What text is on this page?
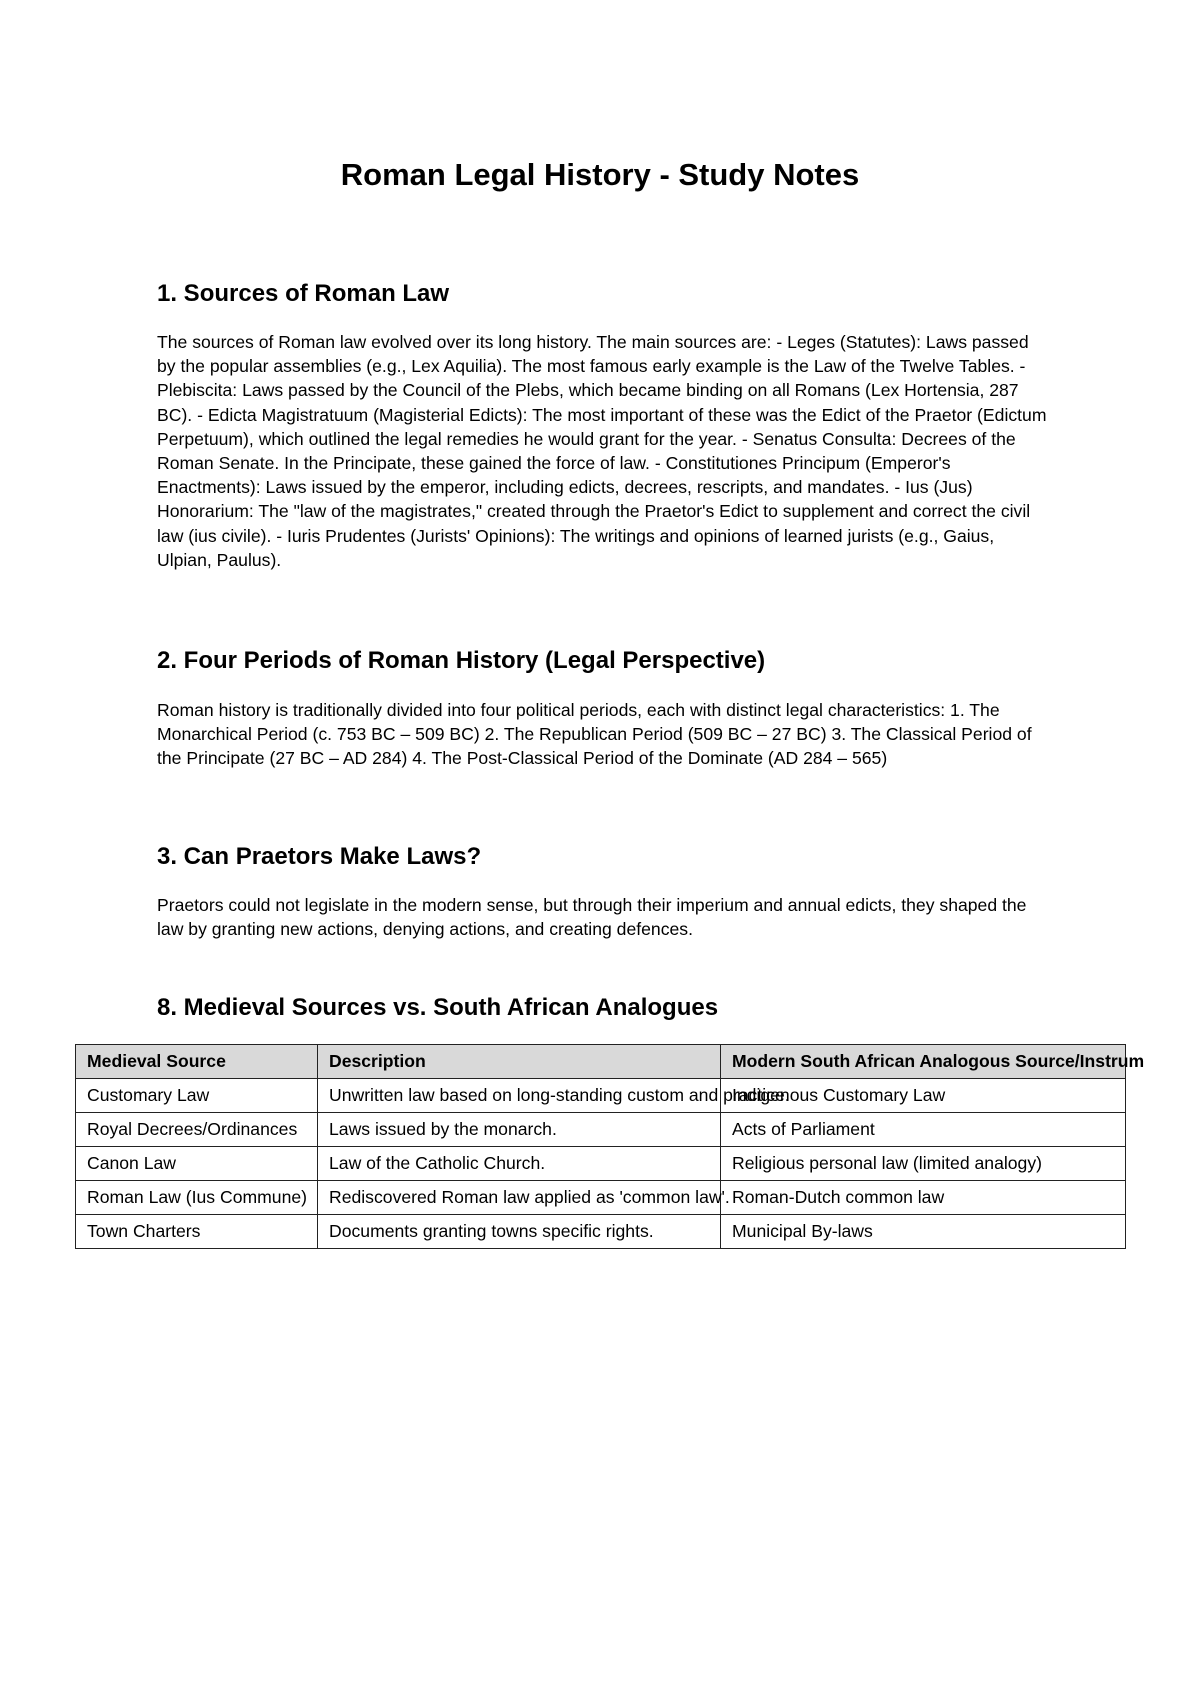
Roman Legal History - Study Notes
1. Sources of Roman Law

The sources of Roman law evolved over its long history. The main sources are: - Leges (Statutes): Laws passed by the popular assemblies (e.g., Lex Aquilia). The most famous early example is the Law of the Twelve Tables. - Plebiscita: Laws passed by the Council of the Plebs, which became binding on all Romans (Lex Hortensia, 287 BC). - Edicta Magistratuum (Magisterial Edicts): The most important of these was the Edict of the Praetor (Edictum Perpetuum), which outlined the legal remedies he would grant for the year. - Senatus Consulta: Decrees of the Roman Senate. In the Principate, these gained the force of law. - Constitutiones Principum (Emperor's Enactments): Laws issued by the emperor, including edicts, decrees, rescripts, and mandates. - Ius (Jus) Honorarium: The "law of the magistrates," created through the Praetor's Edict to supplement and correct the civil law (ius civile). - Iuris Prudentes (Jurists' Opinions): The writings and opinions of learned jurists (e.g., Gaius, Ulpian, Paulus).

2. Four Periods of Roman History (Legal Perspective)

Roman history is traditionally divided into four political periods, each with distinct legal characteristics: 1. The Monarchical Period (c. 753 BC – 509 BC) 2. The Republican Period (509 BC – 27 BC) 3. The Classical Period of the Principate (27 BC – AD 284) 4. The Post-Classical Period of the Dominate (AD 284 – 565)

3. Can Praetors Make Laws?

Praetors could not legislate in the modern sense, but through their imperium and annual edicts, they shaped the law by granting new actions, denying actions, and creating defences.

8. Medieval Sources vs. South African Analogues
Medieval Source	Description	Modern South African Analogous Source/Instrum
Customary Law	Unwritten law based on long-standing custom and practice.	Indigenous Customary Law
Royal Decrees/Ordinances	Laws issued by the monarch.	Acts of Parliament
Canon Law	Law of the Catholic Church.	Religious personal law (limited analogy)
Roman Law (Ius Commune)	Rediscovered Roman law applied as 'common law'.	Roman-Dutch common law
Town Charters	Documents granting towns specific rights.	Municipal By-laws
